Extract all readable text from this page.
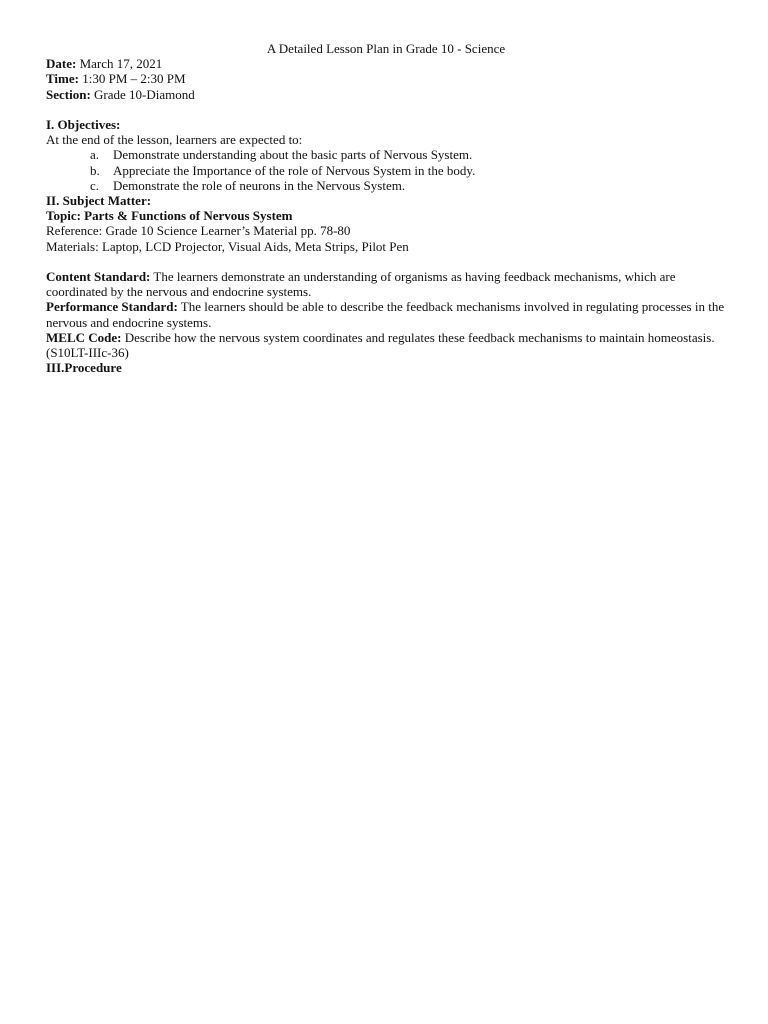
A Detailed Lesson Plan in Grade 10 - Science

Date: March 17, 2021

Time: 1:30 PM – 2:30 PM

Section: Grade 10-Diamond

I. Objectives:

At the end of the lesson, learners are expected to:

a. Demonstrate understanding about the basic parts of Nervous System.
b. Appreciate the Importance of the role of Nervous System in the body.
c. Demonstrate the role of neurons in the Nervous System.

II. Subject Matter:

Topic: Parts & Functions of Nervous System

Reference: Grade 10 Science Learner’s Material pp. 78-80

Materials: Laptop, LCD Projector, Visual Aids, Meta Strips, Pilot Pen

Content Standard: The learners demonstrate an understanding of organisms as having feedback mechanisms, which are coordinated by the nervous and endocrine systems.

Performance Standard: The learners should be able to describe the feedback mechanisms involved in regulating processes in the nervous and endocrine systems.

MELC Code: Describe how the nervous system coordinates and regulates these feedback mechanisms to maintain homeostasis.(S10LT-IIIc-36)

III.Procedure
